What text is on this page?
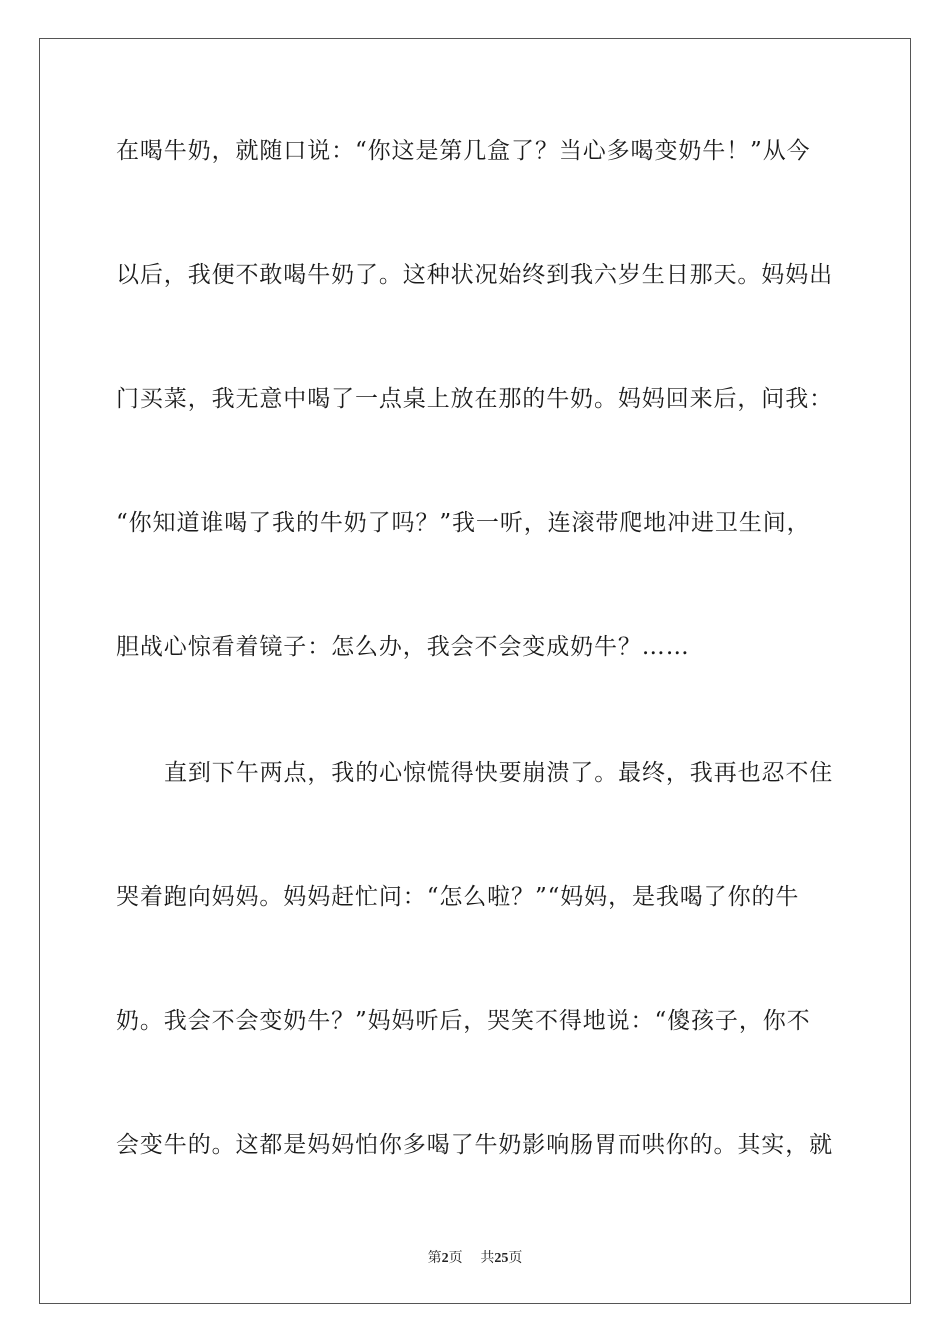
在喝牛奶，就随口说：“你这是第几盒了？当心多喝变奶牛！”从今
以后，我便不敢喝牛奶了。这种状况始终到我六岁生日那天。妈妈出
门买菜，我无意中喝了一点桌上放在那的牛奶。妈妈回来后，问我：
“你知道谁喝了我的牛奶了吗？”我一听，连滚带爬地冲进卫生间，
胆战心惊看着镜子：怎么办，我会不会变成奶牛？……
直到下午两点，我的心惊慌得快要崩溃了。最终，我再也忍不住
哭着跑向妈妈。妈妈赶忙问：“怎么啦？”“妈妈，是我喝了你的牛
奶。我会不会变奶牛？”妈妈听后，哭笑不得地说：“傻孩子，你不
会变牛的。这都是妈妈怕你多喝了牛奶影响肠胃而哄你的。其实，就
第2页 共25页
